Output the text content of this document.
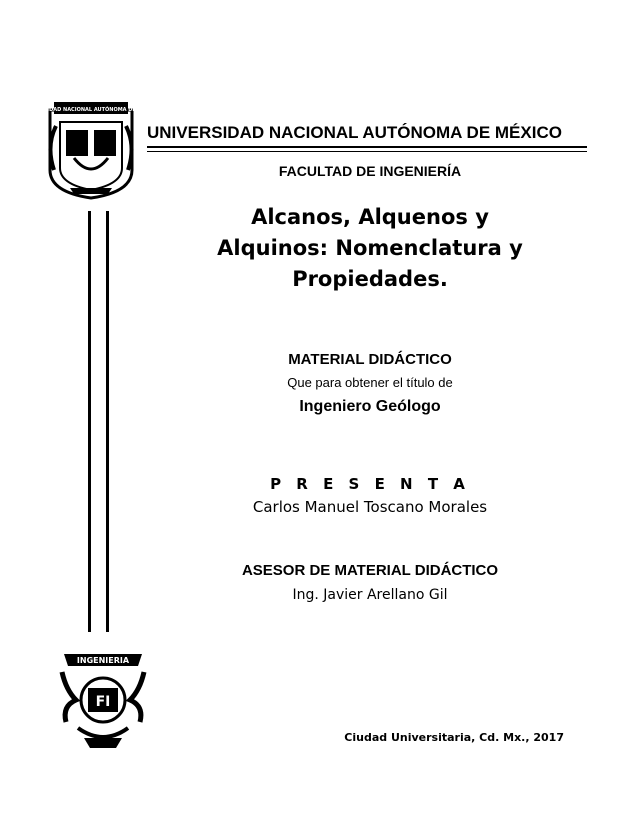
UNIVERSIDAD NACIONAL AUTÓNOMA DE MÉXICO
UNIVERSIDAD NACIONAL AUTÓNOMA DE MÉXICO
FACULTAD DE INGENIERÍA
Alcanos, Alquenos y
Alquinos: Nomenclatura y
Propiedades.
MATERIAL DIDÁCTICO
Que para obtener el título de
Ingeniero Geólogo
P R E S E N T A
Carlos Manuel Toscano Morales
ASESOR DE MATERIAL DIDÁCTICO
Ing. Javier Arellano Gil
INGENIERIA
FI
Ciudad Universitaria, Cd. Mx., 2017
